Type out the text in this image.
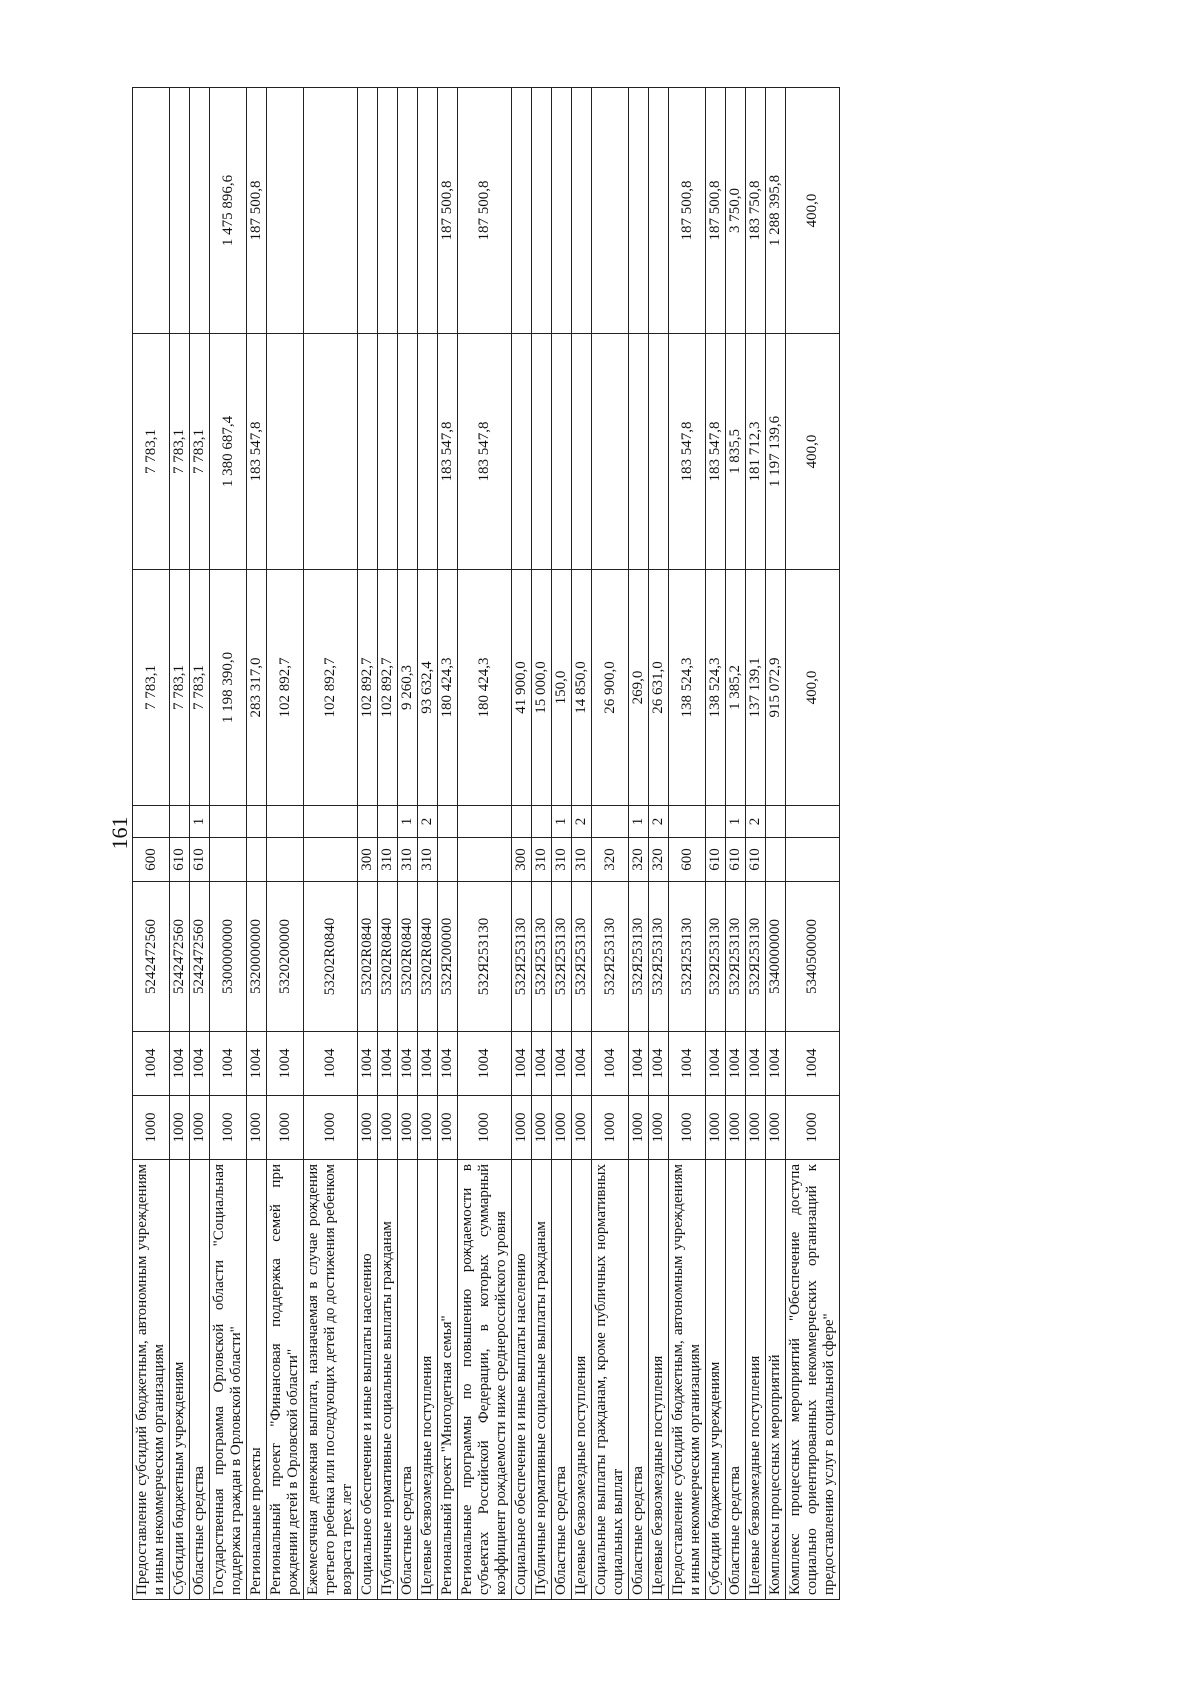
161
Предоставление субсидий бюджетным, автономным учреждениям и иным некоммерческим организациям	1000	1004	5242472560	600		7 783,1	7 783,1	
Субсидии бюджетным учреждениям	1000	1004	5242472560	610		7 783,1	7 783,1	
Областные средства	1000	1004	5242472560	610	1	7 783,1	7 783,1	
Государственная программа Орловской области "Социальная поддержка граждан в Орловской области"	1000	1004	5300000000			1 198 390,0	1 380 687,4	1 475 896,6
Региональные проекты	1000	1004	5320000000			283 317,0	183 547,8	187 500,8
Региональный проект "Финансовая поддержка семей при рождении детей в Орловской области"	1000	1004	5320200000			102 892,7		
Ежемесячная денежная выплата, назначаемая в случае рождения третьего ребенка или последующих детей до достижения ребенком возраста трех лет	1000	1004	53202R0840			102 892,7		
Социальное обеспечение и иные выплаты населению	1000	1004	53202R0840	300		102 892,7		
Публичные нормативные социальные выплаты гражданам	1000	1004	53202R0840	310		102 892,7		
Областные средства	1000	1004	53202R0840	310	1	9 260,3		
Целевые безвозмездные поступления	1000	1004	53202R0840	310	2	93 632,4		
Региональный проект "Многодетная семья"	1000	1004	532Я200000			180 424,3	183 547,8	187 500,8
Региональные программы по повышению рождаемости в субъектах Российской Федерации, в которых суммарный коэффициент рождаемости ниже среднероссийского уровня	1000	1004	532Я253130			180 424,3	183 547,8	187 500,8
Социальное обеспечение и иные выплаты населению	1000	1004	532Я253130	300		41 900,0		
Публичные нормативные социальные выплаты гражданам	1000	1004	532Я253130	310		15 000,0		
Областные средства	1000	1004	532Я253130	310	1	150,0		
Целевые безвозмездные поступления	1000	1004	532Я253130	310	2	14 850,0		
Социальные выплаты гражданам, кроме публичных нормативных социальных выплат	1000	1004	532Я253130	320		26 900,0		
Областные средства	1000	1004	532Я253130	320	1	269,0		
Целевые безвозмездные поступления	1000	1004	532Я253130	320	2	26 631,0		
Предоставление субсидий бюджетным, автономным учреждениям и иным некоммерческим организациям	1000	1004	532Я253130	600		138 524,3	183 547,8	187 500,8
Субсидии бюджетным учреждениям	1000	1004	532Я253130	610		138 524,3	183 547,8	187 500,8
Областные средства	1000	1004	532Я253130	610	1	1 385,2	1 835,5	3 750,0
Целевые безвозмездные поступления	1000	1004	532Я253130	610	2	137 139,1	181 712,3	183 750,8
Комплексы процессных мероприятий	1000	1004	5340000000			915 072,9	1 197 139,6	1 288 395,8
Комплекс процессных мероприятий "Обеспечение доступа социально ориентированных некоммерческих организаций к предоставлению услуг в социальной сфере"	1000	1004	5340500000			400,0	400,0	400,0
